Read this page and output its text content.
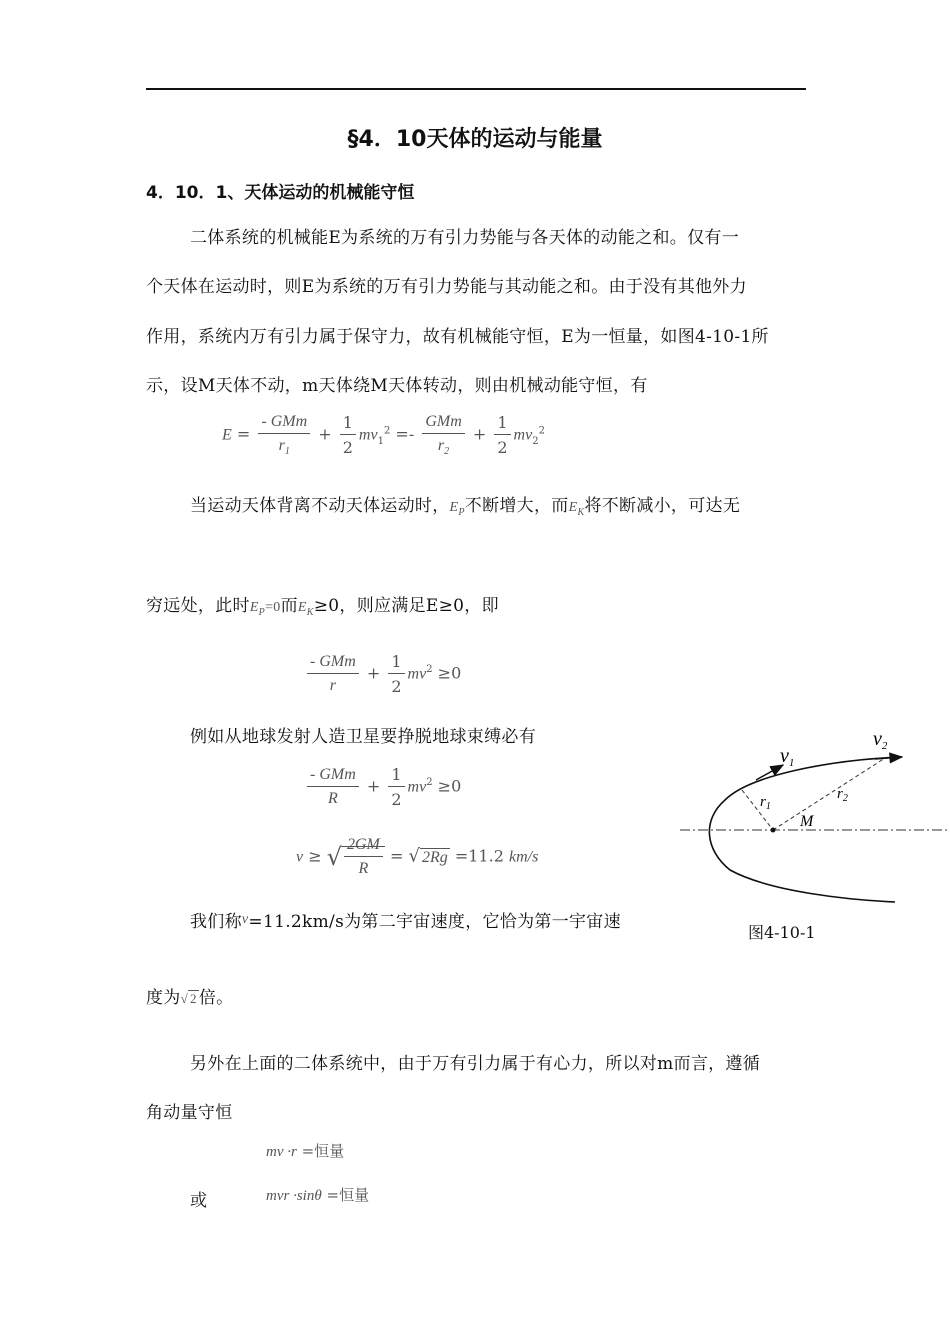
§4．10天体的运动与能量
4．10．1、天体运动的机械能守恒
二体系统的机械能E为系统的万有引力势能与各天体的动能之和。仅有一
个天体在运动时，则E为系统的万有引力势能与其动能之和。由于没有其他外力
作用，系统内万有引力属于保守力，故有机械能守恒，E为一恒量，如图4-10-1所
示，设M天体不动，m天体绕M天体转动，则由机械动能守恒，有
$E = \frac{\text{- GMm}}{r_1} + \frac{1}{2} mv_1^2 =- \frac{\text{GMm}}{r_2} + \frac{1}{2} mv_2^2$
当运动天体背离不动天体运动时，$E_P$不断增大，而$E_K$将不断减小，可达无
穷远处，此时$E_P=0$而$E_K\ge 0$，则应满足E≥0，即
$\frac{\text{- GMm}}{r} + \frac{1}{2} mv^2 \ge 0$
例如从地球发射人造卫星要挣脱地球束缚必有
$\frac{\text{- GMm}}{R} + \frac{1}{2} mv^2 \ge 0$
v ≥ √ $\frac{2GM}{R}$ = √ 2Rg =11.2 km/s
我们称$^v$=11.2km/s为第二宇宙速度，它恰为第一宇宙速
度为√ 2 倍。
另外在上面的二体系统中，由于万有引力属于有心力，所以对m而言，遵循
角动量守恒
mv ·r =恒量
或	mvr ·sinθ =恒量
$v_1$
$v_2$
$r_1$
$r_2$
M
图4-10-1
